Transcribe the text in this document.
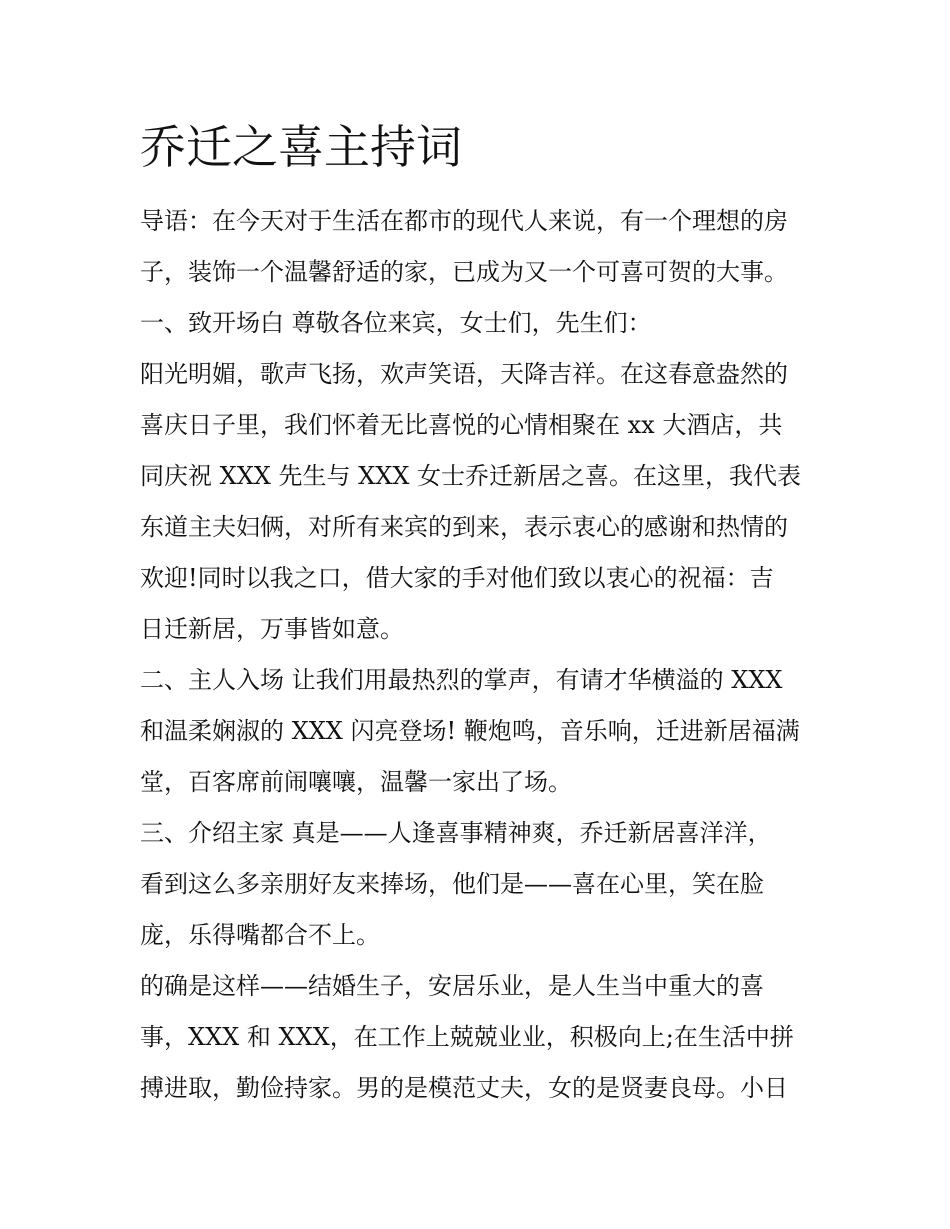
乔迁之喜主持词

导语：在今天对于生活在都市的现代人来说，有一个理想的房

子，装饰一个温馨舒适的家，已成为又一个可喜可贺的大事。

一、致开场白 尊敬各位来宾，女士们，先生们：

阳光明媚，歌声飞扬，欢声笑语，天降吉祥。在这春意盎然的

喜庆日子里，我们怀着无比喜悦的心情相聚在 xx 大酒店，共

同庆祝 XXX 先生与 XXX 女士乔迁新居之喜。在这里，我代表

东道主夫妇俩，对所有来宾的到来，表示衷心的感谢和热情的

欢迎!同时以我之口，借大家的手对他们致以衷心的祝福：吉

日迁新居，万事皆如意。

二、主人入场 让我们用最热烈的掌声，有请才华横溢的 XXX

和温柔娴淑的 XXX 闪亮登场! 鞭炮鸣，音乐响，迁进新居福满

堂，百客席前闹嚷嚷，温馨一家出了场。

三、介绍主家 真是——人逢喜事精神爽，乔迁新居喜洋洋，

看到这么多亲朋好友来捧场，他们是——喜在心里，笑在脸

庞，乐得嘴都合不上。

的确是这样——结婚生子，安居乐业，是人生当中重大的喜

事，XXX 和 XXX，在工作上兢兢业业，积极向上;在生活中拼

搏进取，勤俭持家。男的是模范丈夫，女的是贤妻良母。小日
